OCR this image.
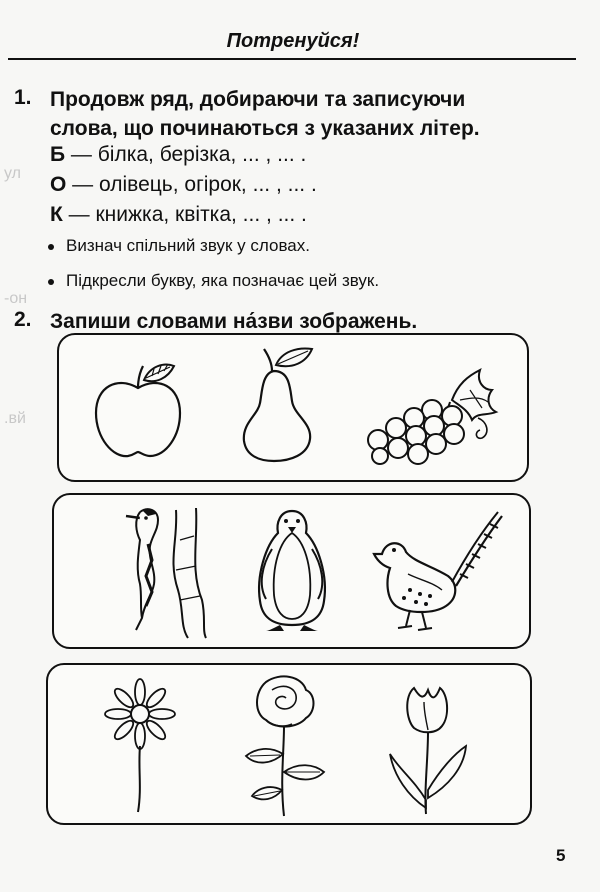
ул
-он
.вй
Потренуйся!
1. Продовж ряд, добираючи та записуючи
слова, що починаються з указаних літер.
Б — білка, берізка, ... , ... .
О — олівець, огірок, ... , ... .
К — книжка, квітка, ... , ... .
Визнач спільний звук у словах.
Підкресли букву, яка позначає цей звук.
2. Запиши словами на́зви зображень.
5
